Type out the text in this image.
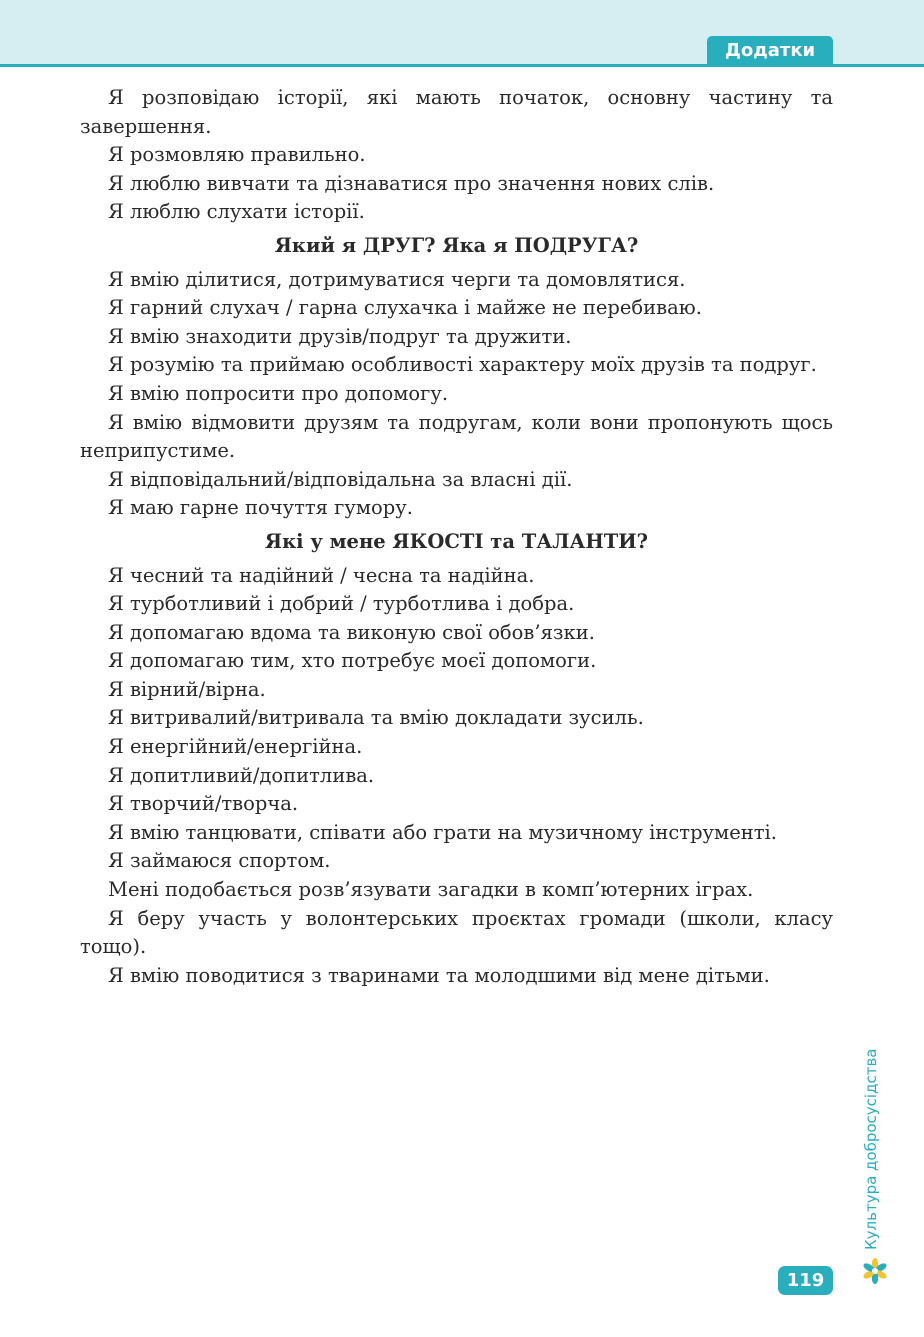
Додатки

Я розповідаю історії, які мають початок, основну частину та завершення.

Я розмовляю правильно.

Я люблю вивчати та дізнаватися про значення нових слів.

Я люблю слухати історії.

Який я ДРУГ? Яка я ПОДРУГА?

Я вмію ділитися, дотримуватися черги та домовлятися.

Я гарний слухач / гарна слухачка і майже не перебиваю.

Я вмію знаходити друзів/подруг та дружити.

Я розумію та приймаю особливості характеру моїх друзів та подруг.

Я вмію попросити про допомогу.

Я вмію відмовити друзям та подругам, коли вони пропонують щось неприпустиме.

Я відповідальний/відповідальна за власні дії.

Я маю гарне почуття гумору.

Які у мене ЯКОСТІ та ТАЛАНТИ?

Я чесний та надійний / чесна та надійна.

Я турботливий і добрий / турботлива і добра.

Я допомагаю вдома та виконую свої обов’язки.

Я допомагаю тим, хто потребує моєї допомоги.

Я вірний/вірна.

Я витривалий/витривала та вмію докладати зусиль.

Я енергійний/енергійна.

Я допитливий/допитлива.

Я творчий/творча.

Я вмію танцювати, співати або грати на музичному інструменті.

Я займаюся спортом.

Мені подобається розв’язувати загадки в комп’ютерних іграх.

Я беру участь у волонтерських проєктах громади (школи, класу тощо).

Я вмію поводитися з тваринами та молодшими від мене дітьми.

Культура добросусідства
119
